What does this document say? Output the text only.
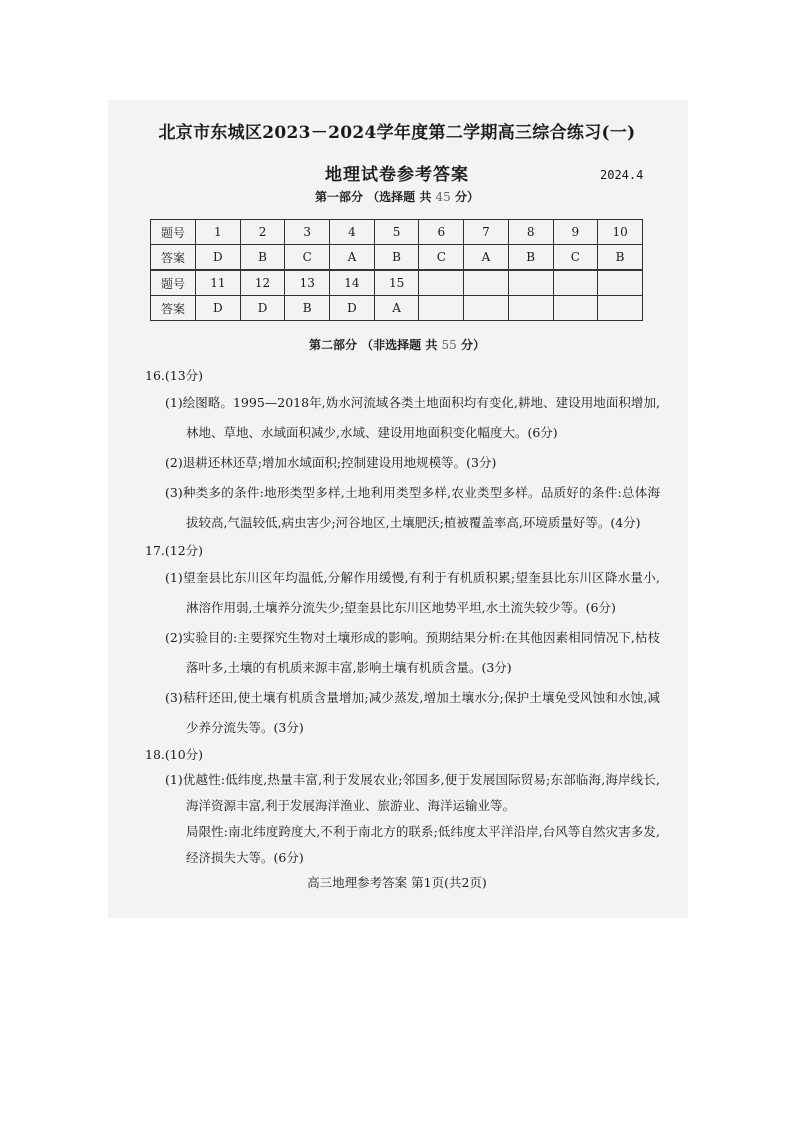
北京市东城区2023－2024学年度第二学期高三综合练习(一)
地理试卷参考答案	2024.4
第一部分 （选择题 共 45 分）
题号	1	2	3	4	5	6	7	8	9	10
答案	D	B	C	A	B	C	A	B	C	B
题号	11	12	13	14	15					
答案	D	D	B	D	A					
第二部分 （非选择题 共 55 分）
16.(13分)
(1)绘图略。1995—2018年,妫水河流域各类土地面积均有变化,耕地、建设用地面积增加,林地、草地、水域面积减少,水域、建设用地面积变化幅度大。(6分)
(2)退耕还林还草;增加水域面积;控制建设用地规模等。(3分)
(3)种类多的条件:地形类型多样,土地利用类型多样,农业类型多样。品质好的条件:总体海拔较高,气温较低,病虫害少;河谷地区,土壤肥沃;植被覆盖率高,环境质量好等。(4分)
17.(12分)
(1)望奎县比东川区年均温低,分解作用缓慢,有利于有机质积累;望奎县比东川区降水量小,淋溶作用弱,土壤养分流失少;望奎县比东川区地势平坦,水土流失较少等。(6分)
(2)实验目的:主要探究生物对土壤形成的影响。预期结果分析:在其他因素相同情况下,枯枝落叶多,土壤的有机质来源丰富,影响土壤有机质含量。(3分)
(3)秸秆还田,使土壤有机质含量增加;减少蒸发,增加土壤水分;保护土壤免受风蚀和水蚀,减少养分流失等。(3分)
18.(10分)
(1)优越性:低纬度,热量丰富,利于发展农业;邻国多,便于发展国际贸易;东部临海,海岸线长,海洋资源丰富,利于发展海洋渔业、旅游业、海洋运输业等。
局限性:南北纬度跨度大,不利于南北方的联系;低纬度太平洋沿岸,台风等自然灾害多发,经济损失大等。(6分)
高三地理参考答案 第1页(共2页)
